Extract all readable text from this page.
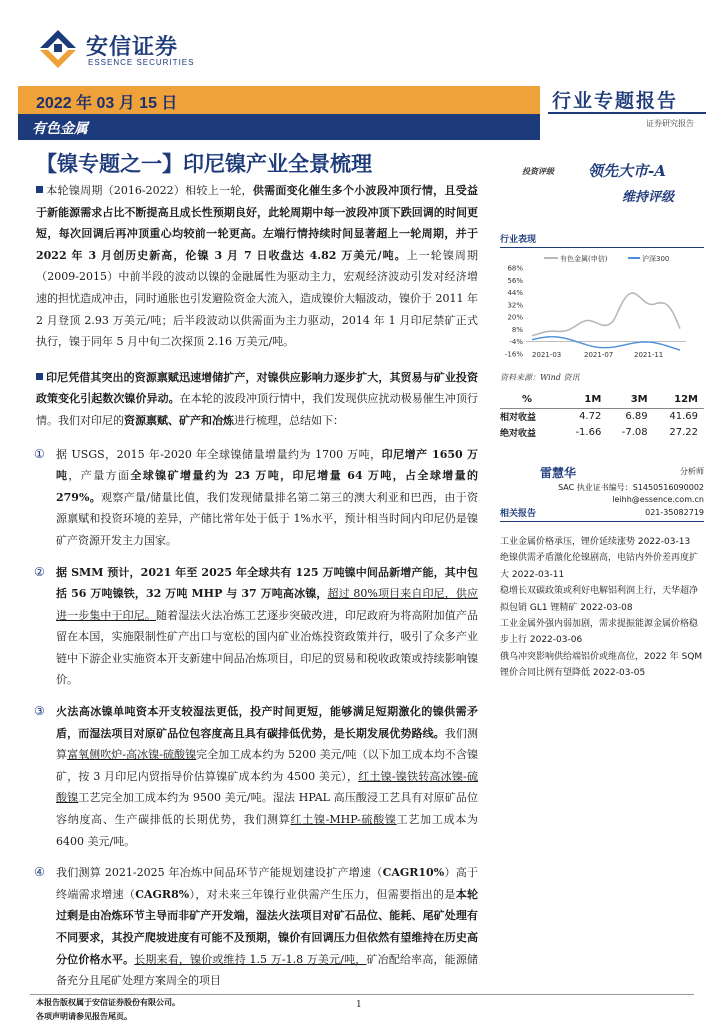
安信证券
ESSENCE SECURITIES
2022 年 03 月 15 日
有色金属
行业专题报告
证券研究报告
【镍专题之一】印尼镍产业全景梳理
本轮镍周期（2016-2022）相较上一轮，供需面变化催生多个小波段冲顶行情，且受益于新能源需求占比不断提高且成长性预期良好，此轮周期中每一波段冲顶下跌回调的时间更短，每次回调后再冲顶重心均较前一轮更高。左端行情持续时间显著超上一轮周期，并于 2022 年 3 月创历史新高，伦镍 3 月 7 日收盘达 4.82 万美元/吨。上一轮镍周期（2009-2015）中前半段的波动以镍的金融属性为驱动主力，宏观经济波动引发对经济增速的担忧造成冲击，同时通胀也引发避险资金大流入，造成镍价大幅波动，镍价于 2011 年 2 月登顶 2.93 万美元/吨；后半段波动以供需面为主力驱动，2014 年 1 月印尼禁矿正式执行，镍于同年 5 月中旬二次探顶 2.16 万美元/吨。
印尼凭借其突出的资源禀赋迅速增储扩产，对镍供应影响力逐步扩大，其贸易与矿业投资政策变化引起数次镍价异动。在本轮的波段冲顶行情中，我们发现供应扰动极易催生冲顶行情。我们对印尼的资源禀赋、矿产和冶炼进行梳理，总结如下：
① 据 USGS，2015 年-2020 年全球镍储量增量约为 1700 万吨，印尼增产 1650 万吨，产量方面全球镍矿增量约为 23 万吨，印尼增量 64 万吨，占全球增量的 279%。观察产量/储量比值，我们发现储量排名第二第三的澳大利亚和巴西，由于资源禀赋和投资环境的差异，产储比常年处于低于 1%水平，预计相当时间内印尼仍是镍矿产资源开发主力国家。
② 据 SMM 预计，2021 年至 2025 年全球共有 125 万吨镍中间品新增产能，其中包括 56 万吨镍铁，32 万吨 MHP 与 37 万吨高冰镍，超过 80%项目来自印尼，供应进一步集中于印尼。随着湿法火法冶炼工艺逐步突破改进，印尼政府为将高附加值产品留在本国，实施限制性矿产出口与宽松的国内矿业冶炼投资政策并行，吸引了众多产业链中下游企业实施资本开支新建中间品冶炼项目，印尼的贸易和税收政策或持续影响镍价。
③ 火法高冰镍单吨资本开支较湿法更低，投产时间更短，能够满足短期激化的镍供需矛盾，而湿法项目对原矿品位包容度高且具有碳排低优势，是长期发展优势路线。我们测算富氧侧吹炉-高冰镍-硫酸镍完全加工成本约为 5200 美元/吨（以下加工成本均不含镍矿，按 3 月印尼内贸指导价估算镍矿成本约为 4500 美元），红土镍-镍铁转高冰镍-硫酸镍工艺完全加工成本约为 9500 美元/吨。湿法 HPAL 高压酸浸工艺具有对原矿品位容纳度高、生产碳排低的长期优势，我们测算红土镍-MHP-硫酸镍工艺加工成本为 6400 美元/吨。
④ 我们测算 2021-2025 年冶炼中间品环节产能规划建设扩产增速（CAGR10%）高于终端需求增速（CAGR8%），对未来三年镍行业供需产生压力，但需要指出的是本轮过剩是由冶炼环节主导而非矿产开发端，湿法火法项目对矿石品位、能耗、尾矿处理有不同要求，其投产爬坡进度有可能不及预期，镍价有回调压力但依然有望维持在历史高分位价格水平。长期来看，镍价或维持 1.5 万-1.8 万美元/吨，矿冶配给率高，能源储备充分且尾矿处理方案周全的项目
投资评级 领先大市-A
维持评级
行业表现
有色金属(申信)	沪深300
68%
56%
44%
32%
20%
8%
-4%
-16% 2021-03	2021-07	2021-11
资料来源：Wind 资讯
%	1M	3M	12M
相对收益	4.72	6.89	41.69
绝对收益	-1.66	-7.08	27.22
雷慧华	分析师
SAC 执业证书编号：S1450516090002
leihh@essence.com.cn
021-35082719
相关报告
工业金属价格承压，锂价延续涨势 2022-03-13
绝镍供需矛盾激化伦镍剧高，电钴内外价差再度扩大 2022-03-11
稳增长双碳政策或利好电解铝利润上行，天华超净拟包销 GL1 锂精矿 2022-03-08
工业金属外强内弱加剧，需求提振能源金属价格稳步上行 2022-03-06
俄乌冲突影响供给端铝价或维高位，2022 年 SQM 锂价合同比例有望降低 2022-03-05
本报告版权属于安信证券股份有限公司。
各项声明请参见报告尾页。
1
